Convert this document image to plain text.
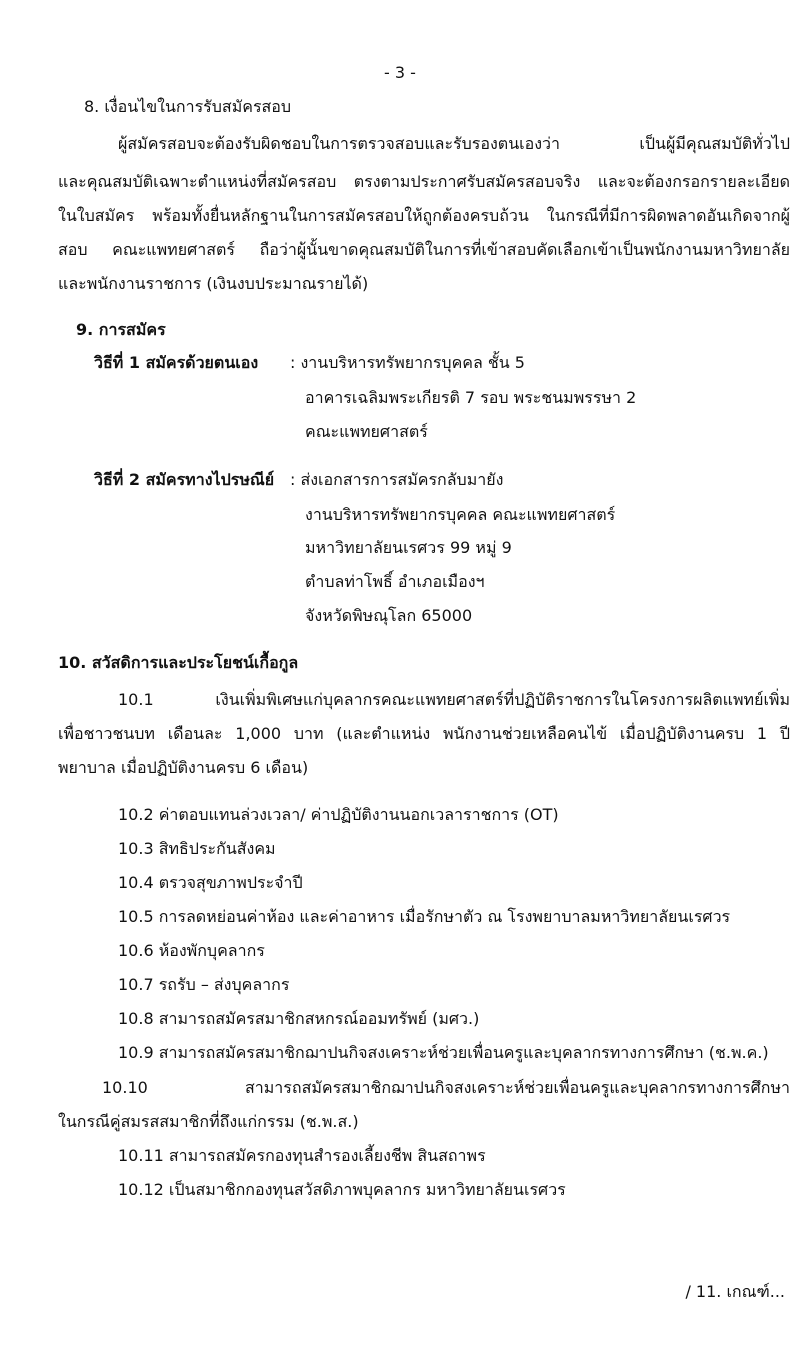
- 3 -
8. เงื่อนไขในการรับสมัครสอบ
ผู้สมัครสอบจะต้องรับผิดชอบในการตรวจสอบและรับรองตนเองว่า เป็นผู้มีคุณสมบัติทั่วไป
และคุณสมบัติเฉพาะตำแหน่งที่สมัครสอบ ตรงตามประกาศรับสมัครสอบจริง และจะต้องกรอกรายละเอียด
ในใบสมัคร พร้อมทั้งยื่นหลักฐานในการสมัครสอบให้ถูกต้องครบถ้วน ในกรณีที่มีการผิดพลาดอันเกิดจากผู้
สอบ คณะแพทยศาสตร์ ถือว่าผู้นั้นขาดคุณสมบัติในการที่เข้าสอบคัดเลือกเข้าเป็นพนักงานมหาวิทยาลัย
และพนักงานราชการ (เงินงบประมาณรายได้)
9. การสมัคร
วิธีที่ 1 สมัครด้วยตนเอง : งานบริหารทรัพยากรบุคคล ชั้น 5
อาคารเฉลิมพระเกียรติ 7 รอบ พระชนมพรรษา 2
คณะแพทยศาสตร์
วิธีที่ 2 สมัครทางไปรษณีย์ : ส่งเอกสารการสมัครกลับมายัง
งานบริหารทรัพยากรบุคคล คณะแพทยศาสตร์
มหาวิทยาลัยนเรศวร 99 หมู่ 9
ตำบลท่าโพธิ์ อำเภอเมืองฯ
จังหวัดพิษณุโลก 65000
10. สวัสดิการและประโยชน์เกื้อกูล
10.1 เงินเพิ่มพิเศษแก่บุคลากรคณะแพทยศาสตร์ที่ปฏิบัติราชการในโครงการผลิตแพทย์เพิ่ม
เพื่อชาวชนบท เดือนละ 1,000 บาท (และตำแหน่ง พนักงานช่วยเหลือคนไข้ เมื่อปฏิบัติงานครบ 1 ปี
พยาบาล เมื่อปฏิบัติงานครบ 6 เดือน)
10.2 ค่าตอบแทนล่วงเวลา/ ค่าปฏิบัติงานนอกเวลาราชการ (OT)
10.3 สิทธิประกันสังคม
10.4 ตรวจสุขภาพประจำปี
10.5 การลดหย่อนค่าห้อง และค่าอาหาร เมื่อรักษาตัว ณ โรงพยาบาลมหาวิทยาลัยนเรศวร
10.6 ห้องพักบุคลากร
10.7 รถรับ – ส่งบุคลากร
10.8 สามารถสมัครสมาชิกสหกรณ์ออมทรัพย์ (มศว.)
10.9 สามารถสมัครสมาชิกฌาปนกิจสงเคราะห์ช่วยเพื่อนครูและบุคลากรทางการศึกษา (ช.พ.ค.)
10.10 สามารถสมัครสมาชิกฌาปนกิจสงเคราะห์ช่วยเพื่อนครูและบุคลากรทางการศึกษา
ในกรณีคู่สมรสสมาชิกที่ถึงแก่กรรม (ช.พ.ส.)
10.11 สามารถสมัครกองทุนสำรองเลี้ยงชีพ สินสถาพร
10.12 เป็นสมาชิกกองทุนสวัสดิภาพบุคลากร มหาวิทยาลัยนเรศวร
/ 11. เกณฑ์...
